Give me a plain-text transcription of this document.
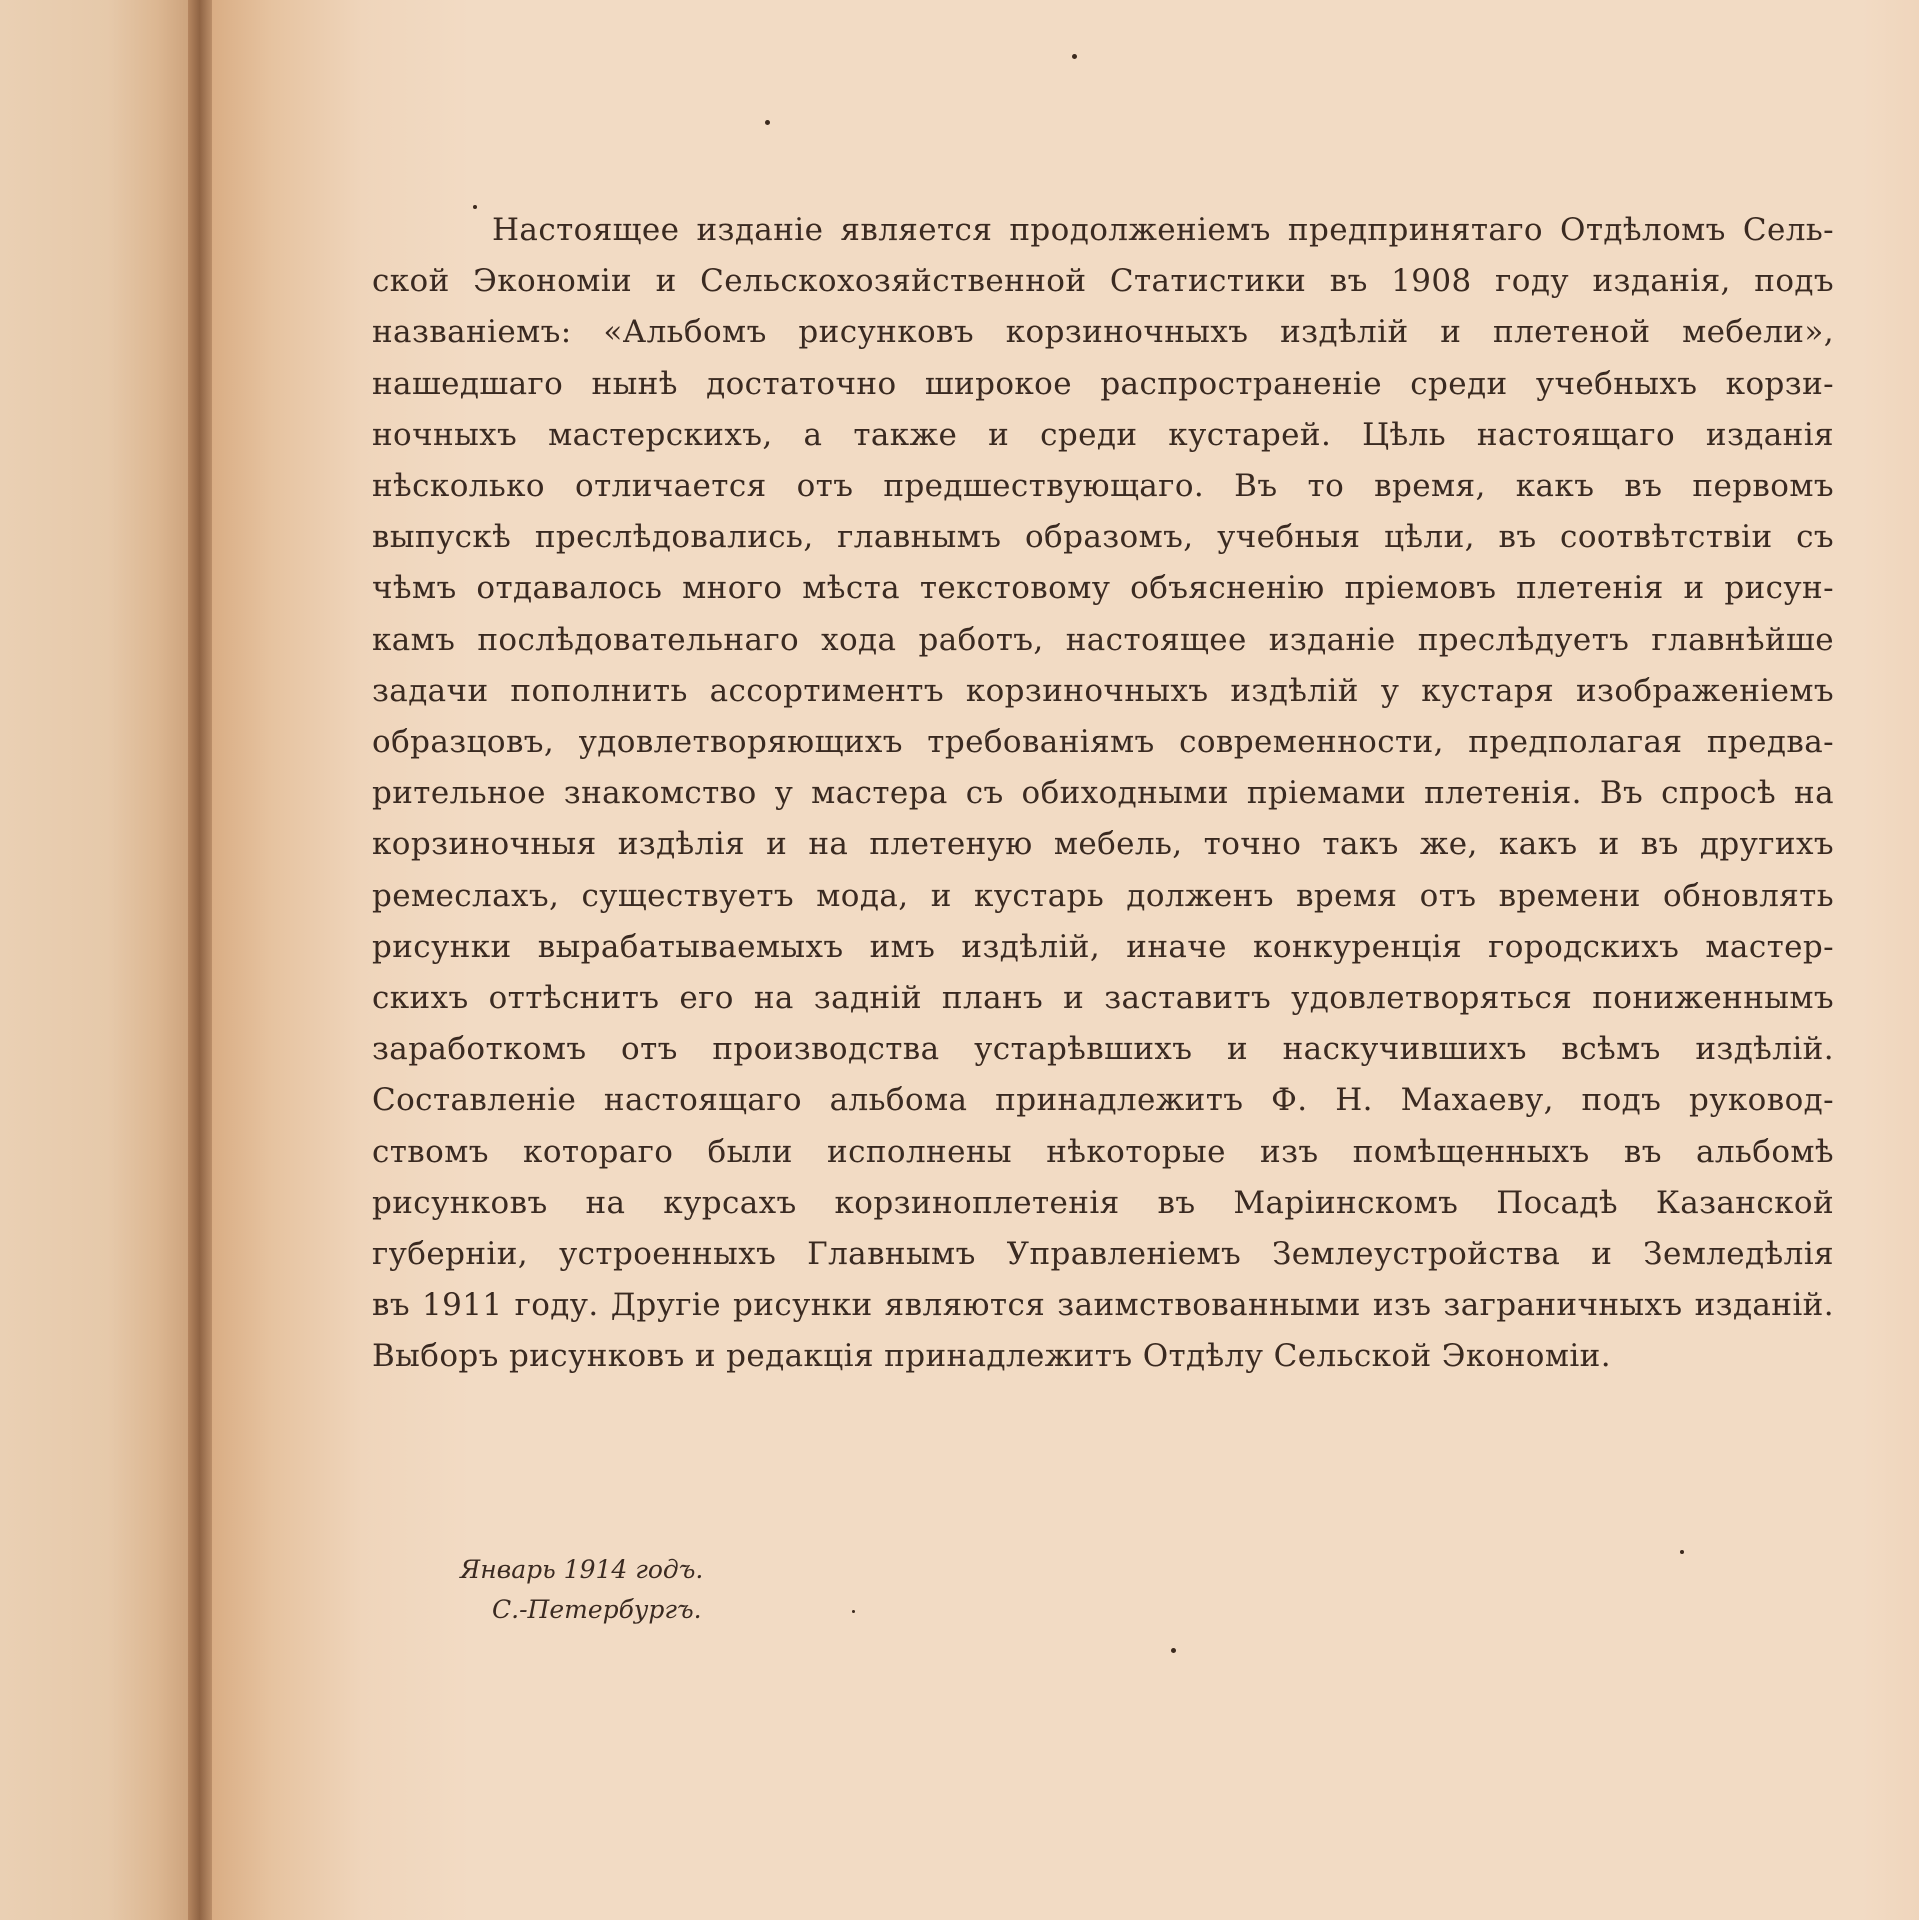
Настоящее изданіе является продолженіемъ предпринятаго Отдѣломъ Сель-
ской Экономіи и Сельскохозяйственной Статистики въ 1908 году изданія, подъ
названіемъ: «Альбомъ рисунковъ корзиночныхъ издѣлій и плетеной мебели»,
нашедшаго нынѣ достаточно широкое распространеніе среди учебныхъ корзи-
ночныхъ мастерскихъ, а также и среди кустарей. Цѣль настоящаго изданія
нѣсколько отличается отъ предшествующаго. Въ то время, какъ въ первомъ
выпускѣ преслѣдовались, главнымъ образомъ, учебныя цѣли, въ соотвѣтствіи съ
чѣмъ отдавалось много мѣста текстовому объясненію пріемовъ плетенія и рисун-
камъ послѣдовательнаго хода работъ, настоящее изданіе преслѣдуетъ главнѣйше
задачи пополнить ассортиментъ корзиночныхъ издѣлій у кустаря изображеніемъ
образцовъ, удовлетворяющихъ требованіямъ современности, предполагая предва-
рительное знакомство у мастера съ обиходными пріемами плетенія. Въ спросѣ на
корзиночныя издѣлія и на плетеную мебель, точно такъ же, какъ и въ другихъ
ремеслахъ, существуетъ мода, и кустарь долженъ время отъ времени обновлять
рисунки вырабатываемыхъ имъ издѣлій, иначе конкуренція городскихъ мастер-
скихъ оттѣснитъ его на заднiй планъ и заставитъ удовлетворяться пониженнымъ
заработкомъ отъ производства устарѣвшихъ и наскучившихъ всѣмъ издѣлій.
Составленіе настоящаго альбома принадлежитъ Ф. Н. Махаеву, подъ руковод-
ствомъ котораго были исполнены нѣкоторые изъ помѣщенныхъ въ альбомѣ
рисунковъ на курсахъ корзиноплетенія въ Маріинскомъ Посадѣ Казанской
губерніи, устроенныхъ Главнымъ Управленіемъ Землеустройства и Земледѣлія
въ 1911 году. Другіе рисунки являются заимствованными изъ заграничныхъ изданій.
Выборъ рисунковъ и редакція принадлежитъ Отдѣлу Сельской Экономіи.
Январь 1914 годъ.
С.-Петербургъ.
